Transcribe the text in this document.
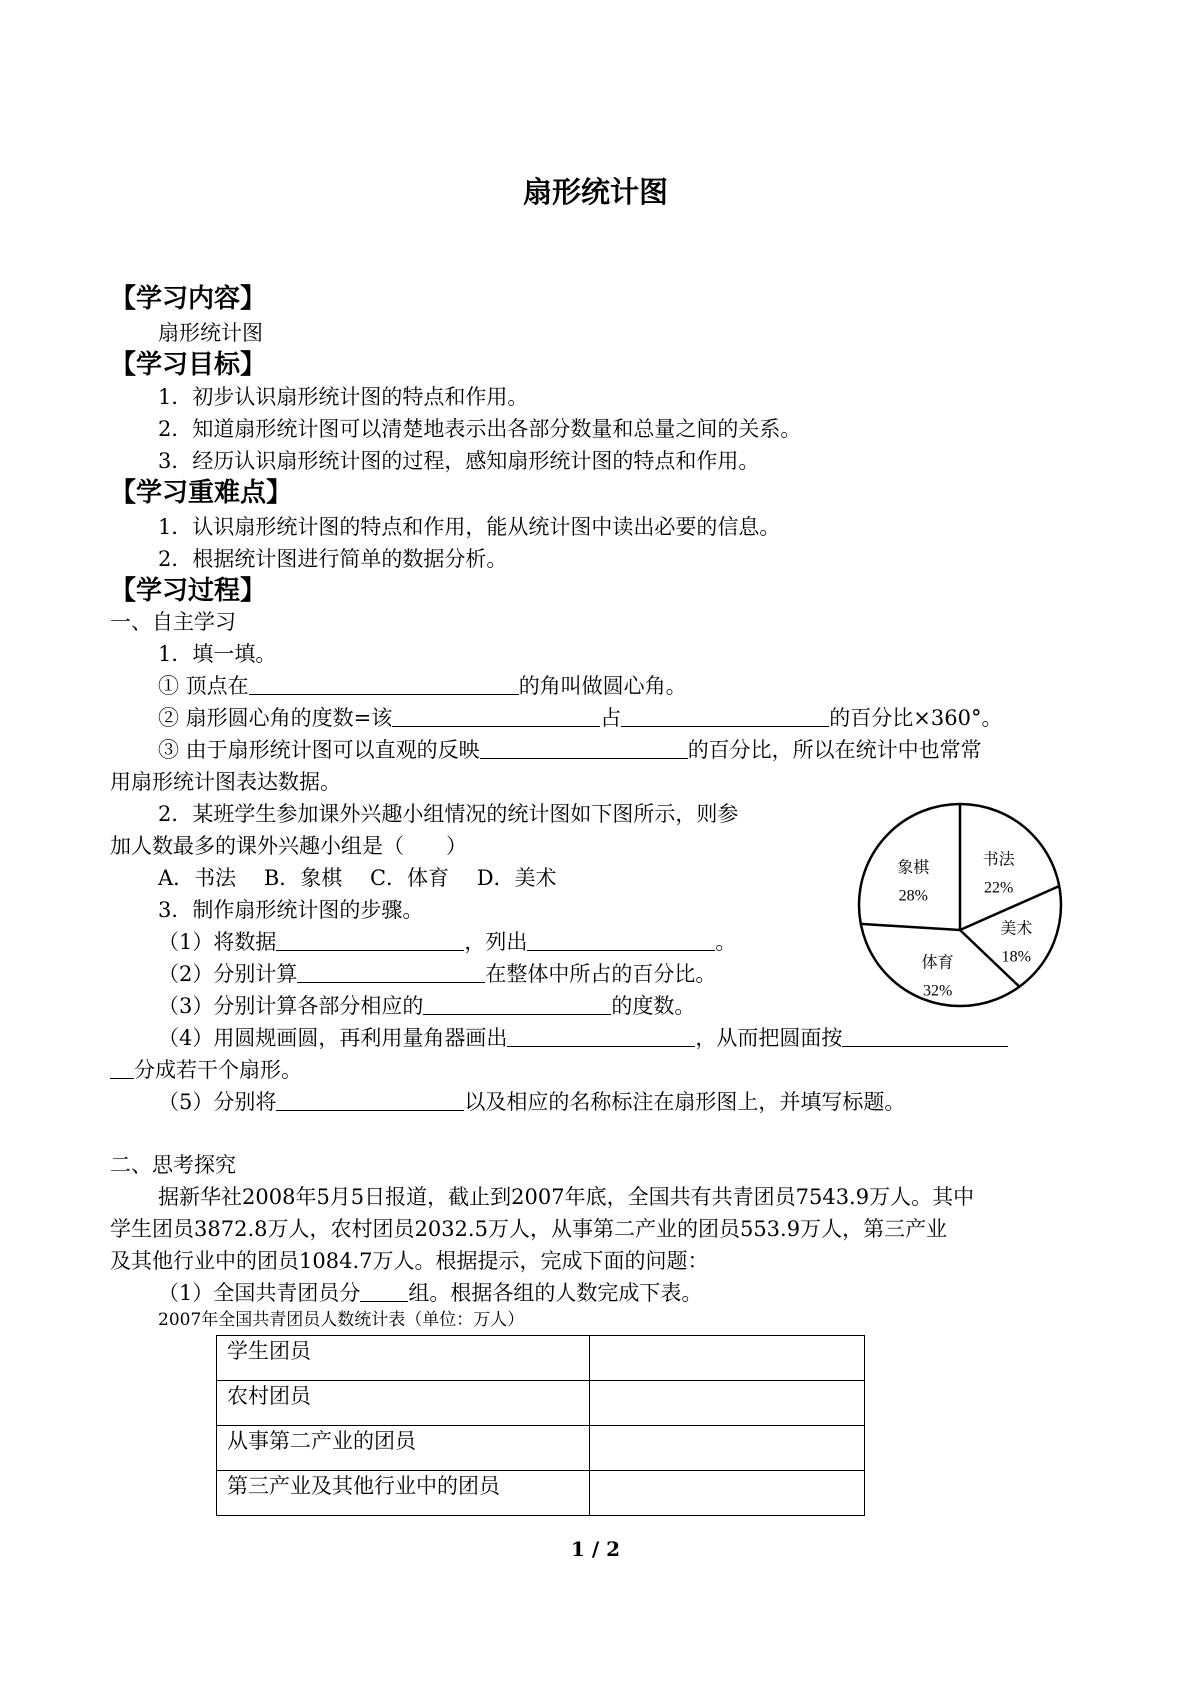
扇形统计图
【学习内容】
扇形统计图
【学习目标】
1．初步认识扇形统计图的特点和作用。
2．知道扇形统计图可以清楚地表示出各部分数量和总量之间的关系。
3．经历认识扇形统计图的过程，感知扇形统计图的特点和作用。
【学习重难点】
1．认识扇形统计图的特点和作用，能从统计图中读出必要的信息。
2．根据统计图进行简单的数据分析。
【学习过程】
一、自主学习
1．填一填。
① 顶点在	的角叫做圆心角。
② 扇形圆心角的度数=该	占	的百分比×360°。
③ 由于扇形统计图可以直观的反映	的百分比，所以在统计中也常常
用扇形统计图表达数据。
2．某班学生参加课外兴趣小组情况的统计图如下图所示，则参
加人数最多的课外兴趣小组是（　　）
A．书法　 B．象棋　 C．体育　 D．美术
3．制作扇形统计图的步骤。
（1）将数据	，列出	。
（2）分别计算	在整体中所占的百分比。
（3）分别计算各部分相应的	的度数。
（4）用圆规画圆，再利用量角器画出	，从而把圆面按
分成若干个扇形。
（5）分别将	以及相应的名称标注在扇形图上，并填写标题。
书法
22%
美术
18%
体育
32%
象棋
28%
二、思考探究
据新华社2008年5月5日报道，截止到2007年底，全国共有共青团员7543.9万人。其中
学生团员3872.8万人，农村团员2032.5万人，从事第二产业的团员553.9万人，第三产业
及其他行业中的团员1084.7万人。根据提示，完成下面的问题：
（1）全国共青团员分 组。根据各组的人数完成下表。
2007年全国共青团员人数统计表（单位：万人）
学生团员	
农村团员	
从事第二产业的团员	
第三产业及其他行业中的团员	
1 / 2
